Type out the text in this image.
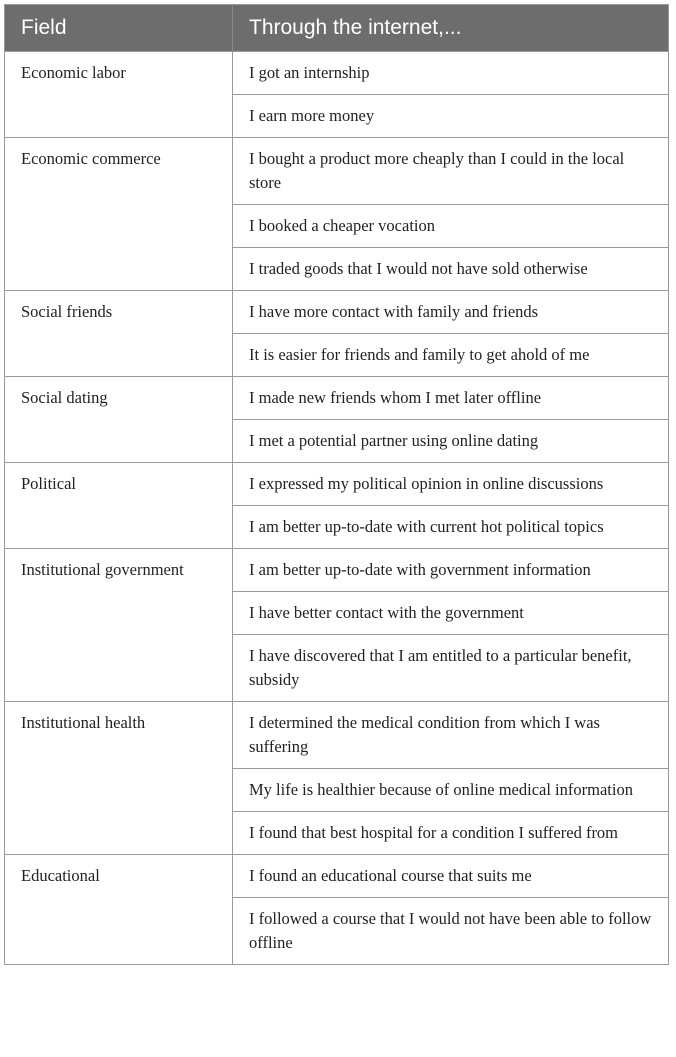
Field	Through the internet,...
Economic labor	I got an internship
	I earn more money
Economic commerce	I bought a product more cheaply than I could in the local store
	I booked a cheaper vocation
	I traded goods that I would not have sold otherwise
Social friends	I have more contact with family and friends
	It is easier for friends and family to get ahold of me
Social dating	I made new friends whom I met later offline
	I met a potential partner using online dating
Political	I expressed my political opinion in online discussions
	I am better up-to-date with current hot political topics
Institutional government	I am better up-to-date with government information
	I have better contact with the government
	I have discovered that I am entitled to a particular benefit, subsidy
Institutional health	I determined the medical condition from which I was suffering
	My life is healthier because of online medical information
	I found that best hospital for a condition I suffered from
Educational	I found an educational course that suits me
	I followed a course that I would not have been able to follow offline
